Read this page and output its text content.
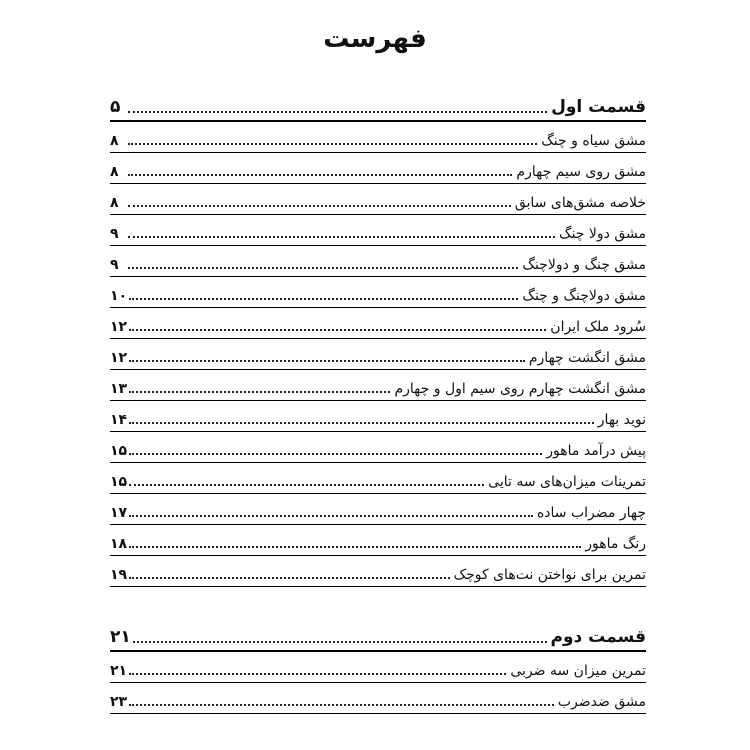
فهرست
قسمت اول
۵
مشق سیاه و چنگ
۸
مشق روی سیم چهارم
۸
خلاصه مشق‌های سابق
۸
مشق دولا چنگ
۹
مشق چنگ و دولاچنگ
۹
مشق دولاچنگ و چنگ
۱۰
سُرود ملک ایران
۱۲
مشق انگشت چهارم
۱۲
مشق انگشت چهارم روی سیم اول و چهارم
۱۳
نوید بهار
۱۴
پیش درآمد ماهور
۱۵
تمرینات میزان‌های سه تایی
۱۵
چهار مضراب ساده
۱۷
رنگ ماهور
۱۸
تمرین برای نواختن نت‌های کوچک
۱۹
قسمت دوم
۲۱
تمرین میزان سه ضربی
۲۱
مشق ضدضرب
۲۳
